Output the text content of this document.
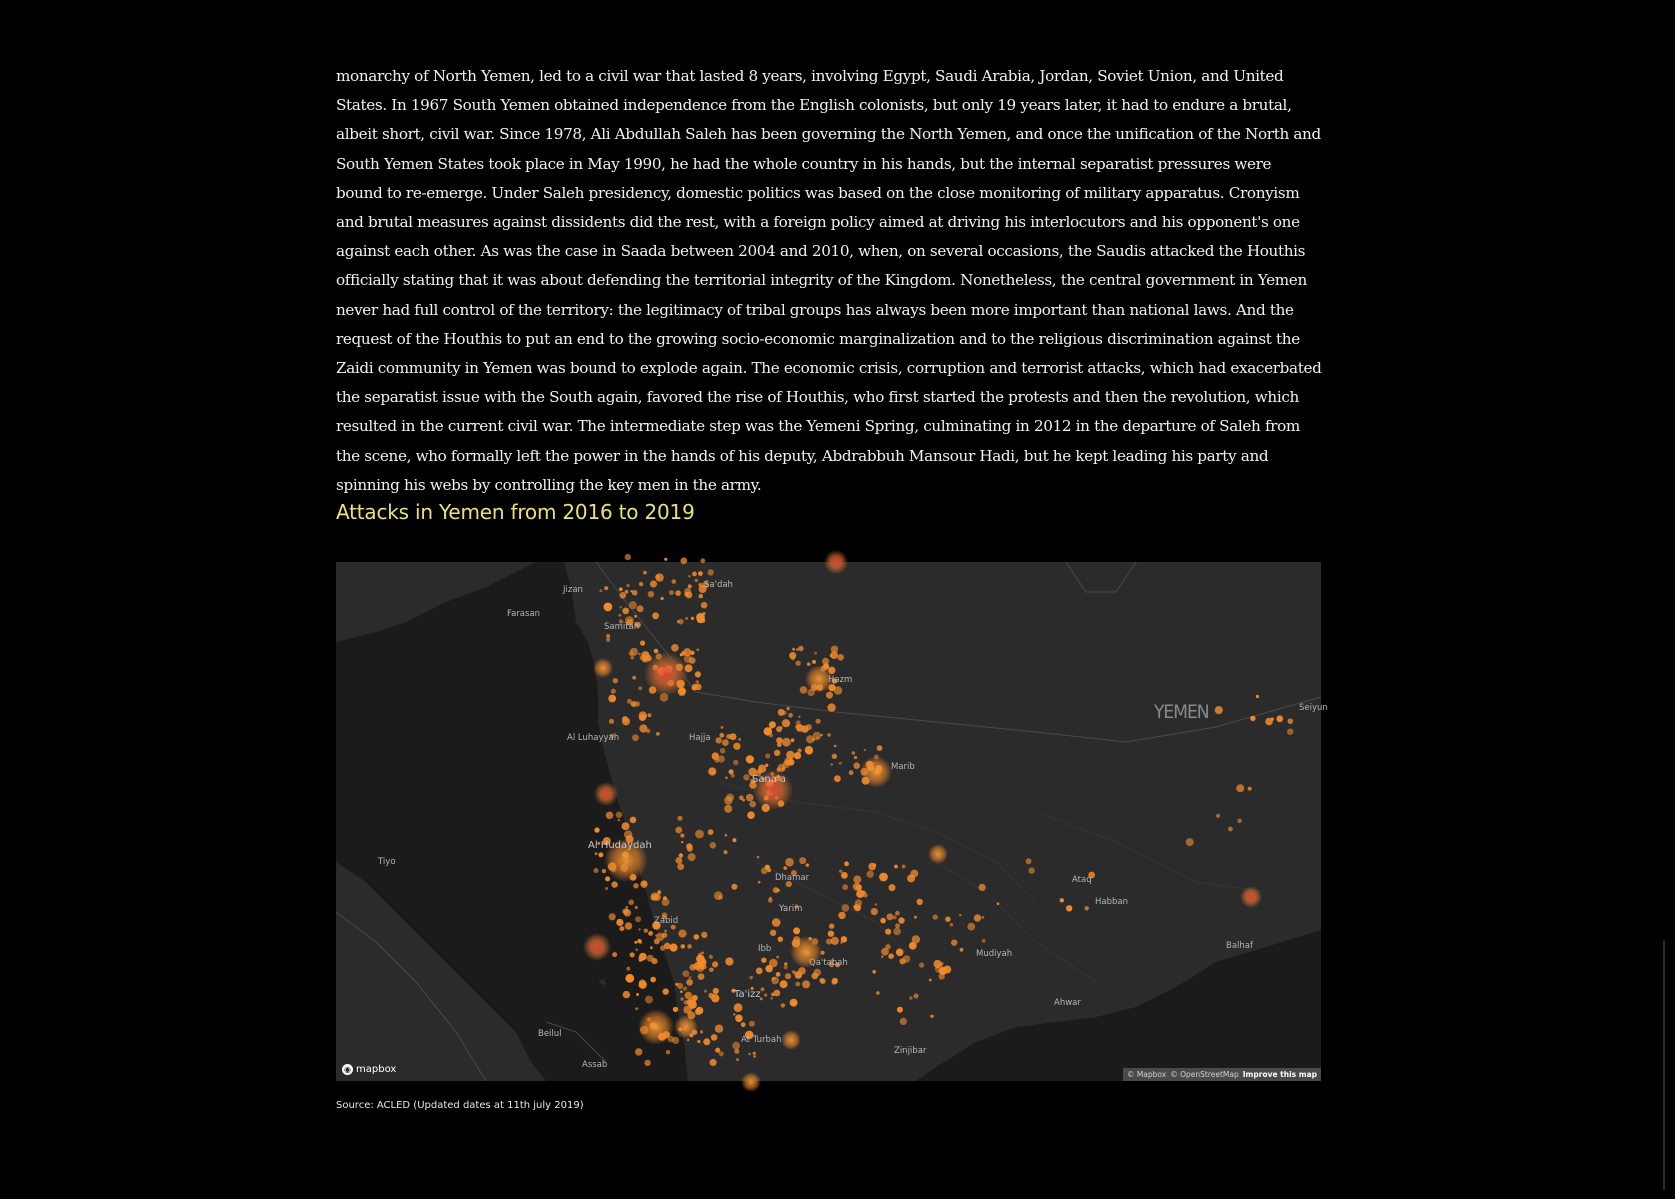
monarchy of North Yemen, led to a civil war that lasted 8 years, involving Egypt, Saudi Arabia, Jordan, Soviet Union, and United States. In 1967 South Yemen obtained independence from the English colonists, but only 19 years later, it had to endure a brutal, albeit short, civil war. Since 1978, Ali Abdullah Saleh has been governing the North Yemen, and once the unification of the North and South Yemen States took place in May 1990, he had the whole country in his hands, but the internal separatist pressures were bound to re-emerge. Under Saleh presidency, domestic politics was based on the close monitoring of military apparatus. Cronyism and brutal measures against dissidents did the rest, with a foreign policy aimed at driving his interlocutors and his opponent's one against each other. As was the case in Saada between 2004 and 2010, when, on several occasions, the Saudis attacked the Houthis officially stating that it was about defending the territorial integrity of the Kingdom. Nonetheless, the central government in Yemen never had full control of the territory: the legitimacy of tribal groups has always been more important than national laws. And the request of the Houthis to put an end to the growing socio-economic marginalization and to the religious discrimination against the Zaidi community in Yemen was bound to explode again. The economic crisis, corruption and terrorist attacks, which had exacerbated the separatist issue with the South again, favored the rise of Houthis, who first started the protests and then the revolution, which resulted in the current civil war. The intermediate step was the Yemeni Spring, culminating in 2012 in the departure of Saleh from the scene, who formally left the power in the hands of his deputy, Abdrabbuh Mansour Hadi, but he kept leading his party and spinning his webs by controlling the key men in the army.

Attacks in Yemen from 2016 to 2019
Jizan
Farasan
Samitah
Sa'dah
Hazm
Al Luhayyah	Hajja
Sana'a
Marib
YEMEN	Seiyun
Al Hudaydah
Tiyo
Dhamar
Yarim
Ataq
Habban
Zabid
Ibb
Qa'tabah
Mudiyah
Balhaf
Ta'izz
Ahwar
Beilul
At Turbah
Assab
Zinjibar
◉ mapbox	© Mapbox © OpenStreetMap Improve this map

Source: ACLED (Updated dates at 11th july 2019)
